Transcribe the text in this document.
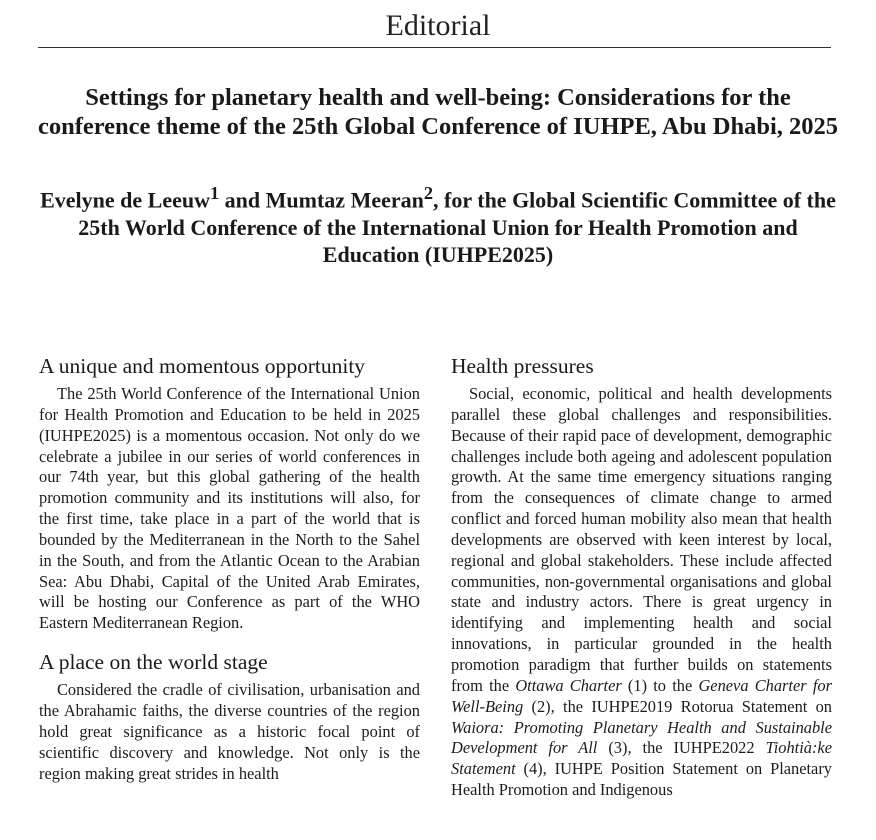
Editorial
Settings for planetary health and well-being: Considerations for the conference theme of the 25th Global Conference of IUHPE, Abu Dhabi, 2025
Evelyne de Leeuw$^1$ and Mumtaz Meeran$^2$, for the Global Scientific Committee of the 25th World Conference of the International Union for Health Promotion and Education (IUHPE2025)
A unique and momentous opportunity

The 25th World Conference of the International Union for Health Promotion and Education to be held in 2025 (IUHPE2025) is a momentous occasion. Not only do we celebrate a jubilee in our series of world conferences in our 74th year, but this global gathering of the health promotion community and its institutions will also, for the first time, take place in a part of the world that is bounded by the Mediterranean in the North to the Sahel in the South, and from the Atlantic Ocean to the Arabian Sea: Abu Dhabi, Capital of the United Arab Emirates, will be hosting our Conference as part of the WHO Eastern Mediterranean Region.

A place on the world stage

Considered the cradle of civilisation, urbanisation and the Abrahamic faiths, the diverse countries of the region hold great significance as a historic focal point of scientific discovery and knowledge. Not only is the region making great strides in health

Health pressures

Social, economic, political and health developments parallel these global challenges and responsibilities. Because of their rapid pace of development, demographic challenges include both ageing and adolescent population growth. At the same time emergency situations ranging from the consequences of climate change to armed conflict and forced human mobility also mean that health developments are observed with keen interest by local, regional and global stakeholders. These include affected communities, non-governmental organisations and global state and industry actors. There is great urgency in identifying and implementing health and social innovations, in particular grounded in the health promotion paradigm that further builds on statements from the Ottawa Charter (1) to the Geneva Charter for Well-Being (2), the IUHPE2019 Rotorua Statement on Waiora: Promoting Planetary Health and Sustainable Development for All (3), the IUHPE2022 Tiohtià:ke Statement (4), IUHPE Position Statement on Planetary Health Promotion and Indigenous
